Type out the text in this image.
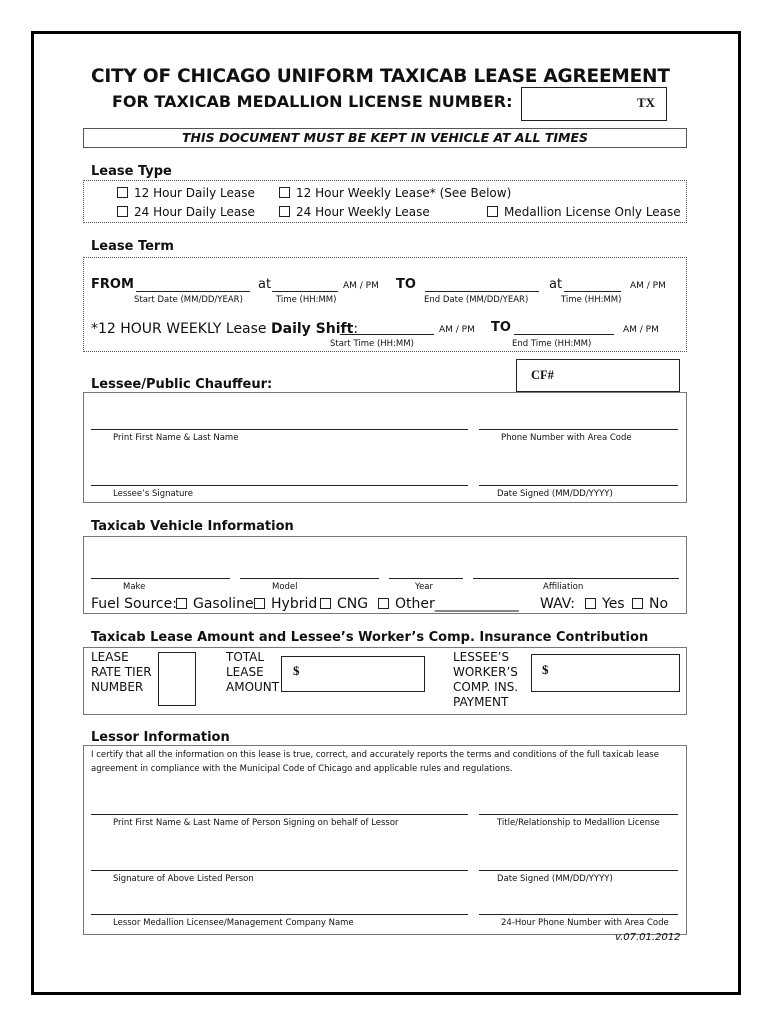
CITY OF CHICAGO UNIFORM TAXICAB LEASE AGREEMENT
FOR TAXICAB MEDALLION LICENSE NUMBER:	TX
THIS DOCUMENT MUST BE KEPT IN VEHICLE AT ALL TIMES
Lease Type
12 Hour Daily Lease	12 Hour Weekly Lease* (See Below)
24 Hour Daily Lease	24 Hour Weekly Lease	Medallion License Only Lease
Lease Term
FROM	at	AM / PM TO	at	AM / PM
Start Date (MM/DD/YEAR)	Time (HH:MM)	End Date (MM/DD/YEAR)	Time (HH:MM)
*12 HOUR WEEKLY Lease Daily Shift:	AM / PM TO	AM / PM
Start Time (HH:MM)	End Time (HH:MM)
Lessee/Public Chauffeur:
CF#
Print First Name & Last Name	Phone Number with Area Code
Lessee’s Signature	Date Signed (MM/DD/YYYY)
Taxicab Vehicle Information
Make	Model	Year	Affiliation
Fuel Source:	Gasoline	Hybrid	CNG	Other____________ WAV:	Yes	No
Taxicab Lease Amount and Lessee’s Worker’s Comp. Insurance Contribution
LEASE
RATE TIER
NUMBER
TOTAL
LEASE
AMOUNT
$
LESSEE’S
WORKER’S
COMP. INS.
PAYMENT
$
Lessor Information
I certify that all the information on this lease is true, correct, and accurately reports the terms and conditions of the full taxicab lease agreement in compliance with the Municipal Code of Chicago and applicable rules and regulations.
Print First Name & Last Name of Person Signing on behalf of Lessor	Title/Relationship to Medallion License
Signature of Above Listed Person	Date Signed (MM/DD/YYYY)
Lessor Medallion Licensee/Management Company Name	24-Hour Phone Number with Area Code
v.07.01.2012
